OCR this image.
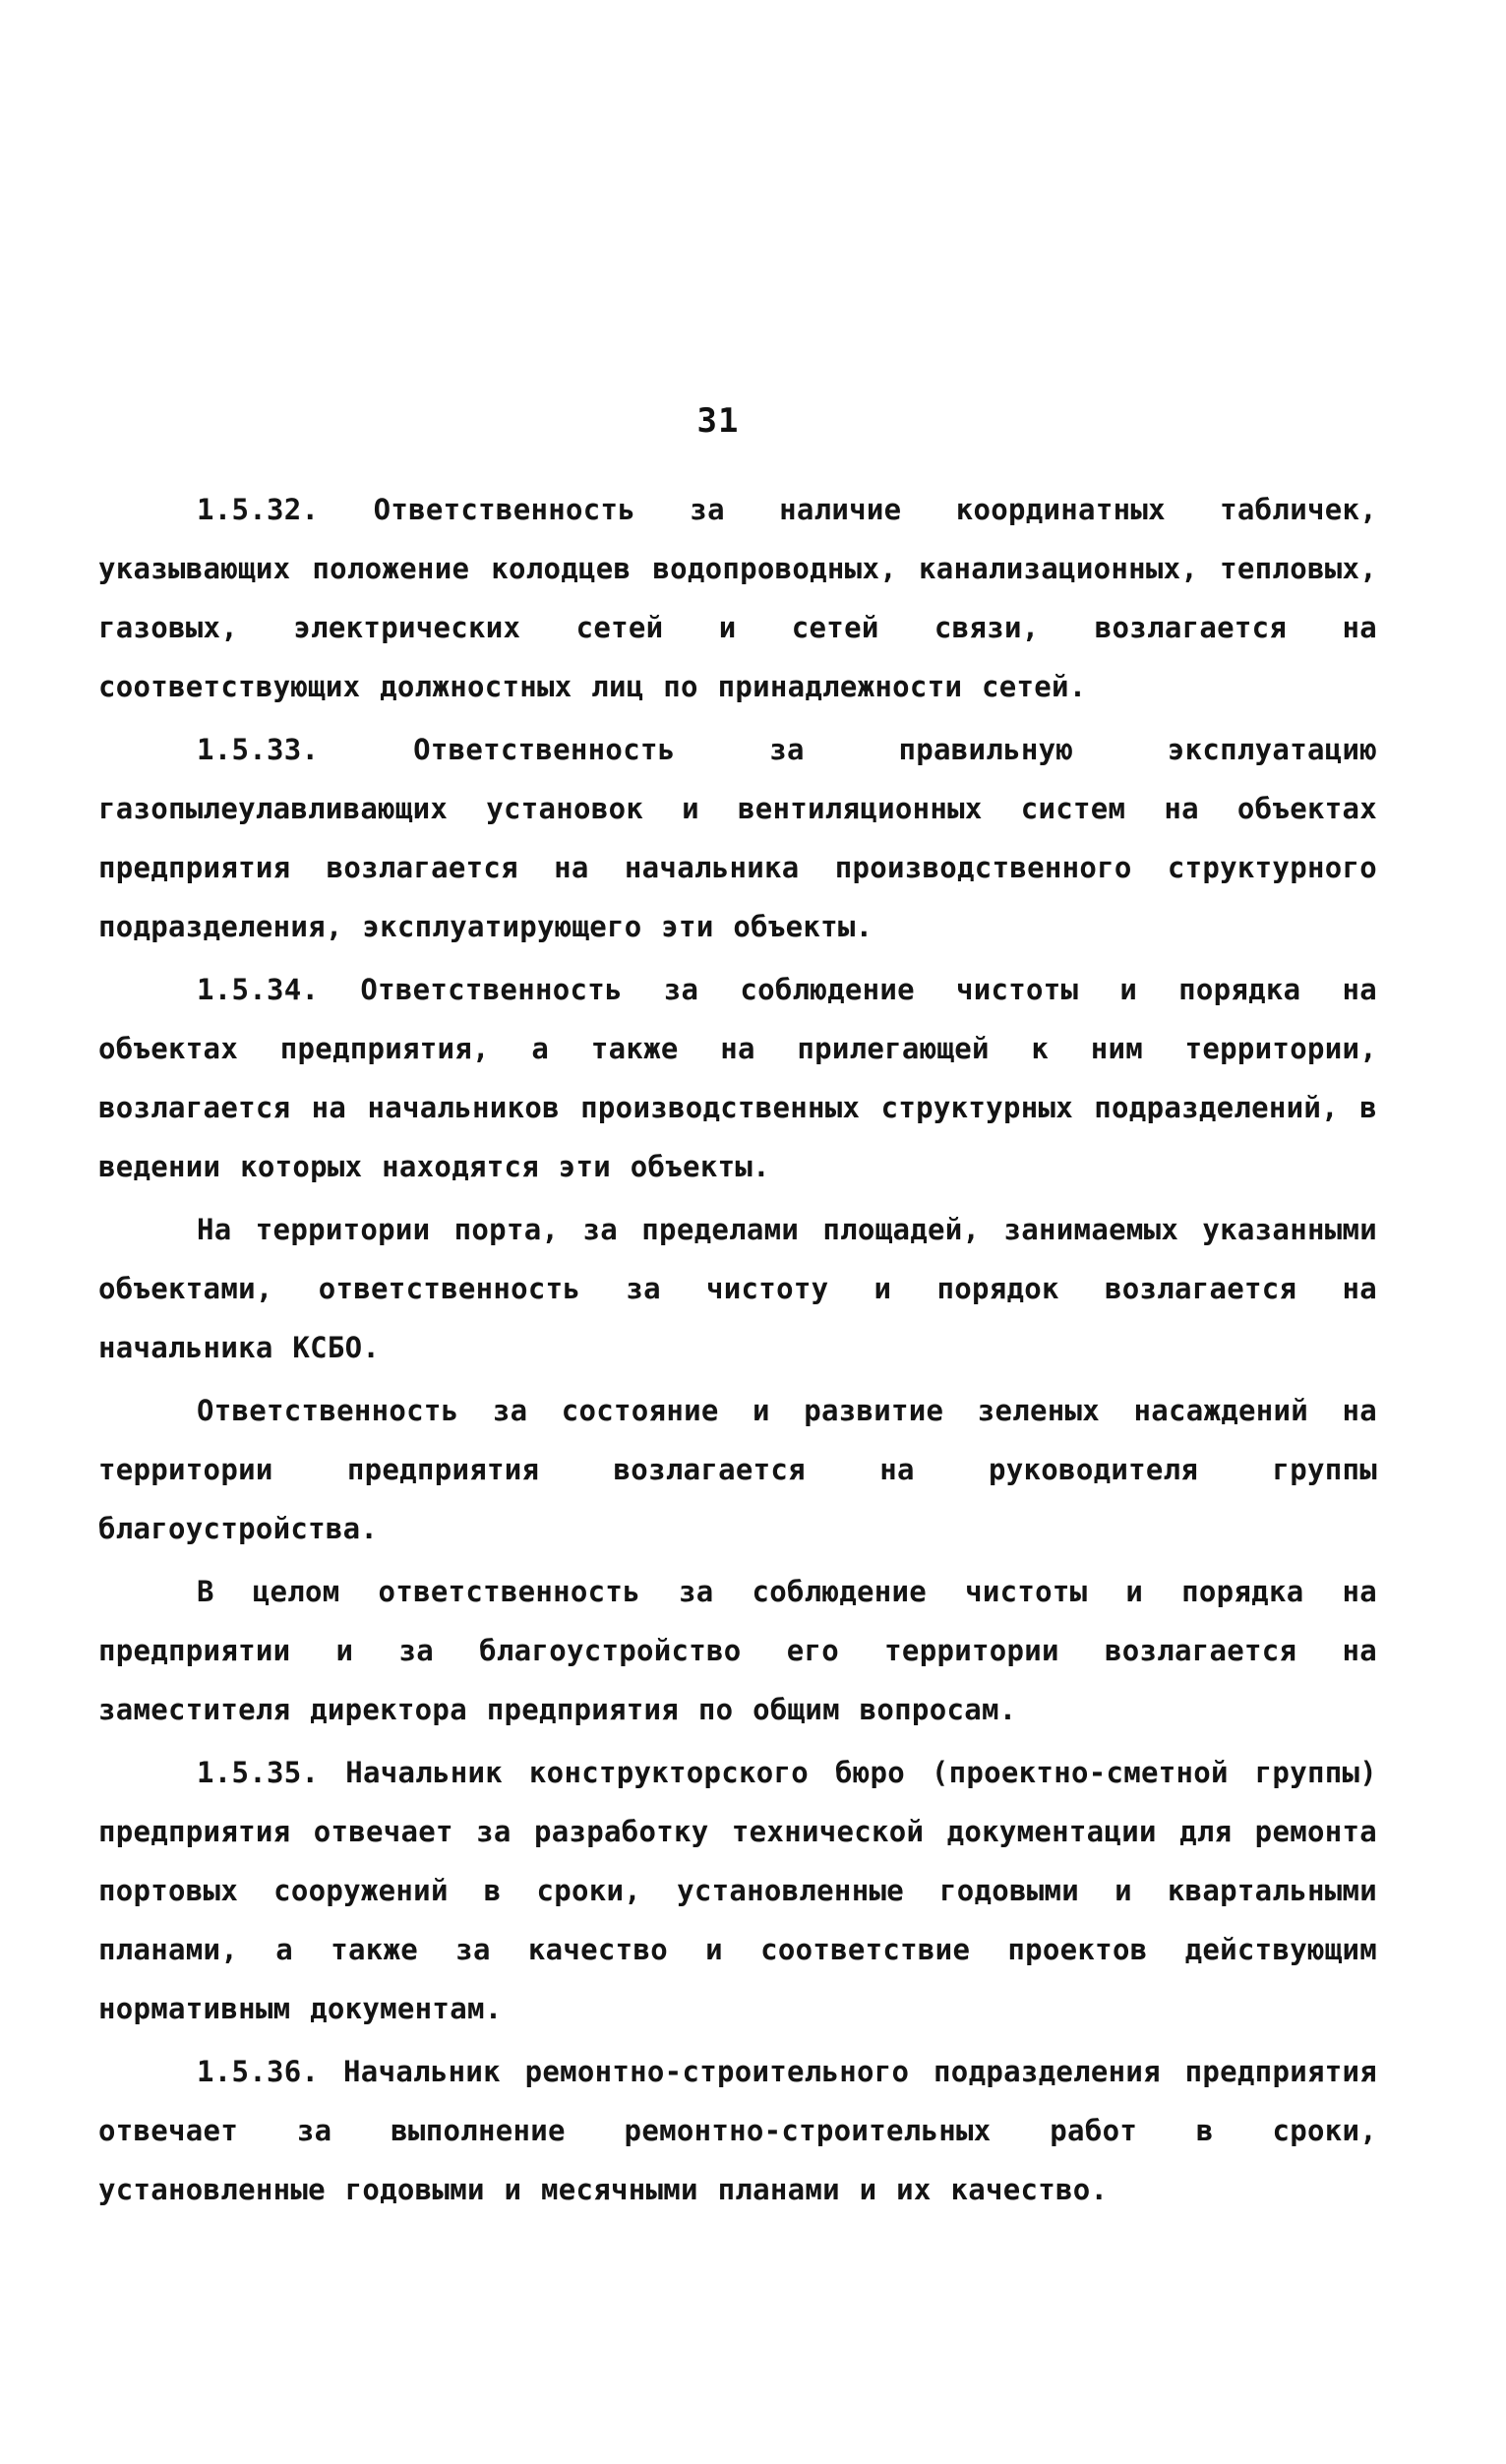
31

1.5.32. Ответственность за наличие координатных табличек, указывающих положение колодцев водопроводных, канализационных, тепловых, газовых, электрических сетей и сетей связи, возлагается на соответствующих должностных лиц по принадлежности сетей.

1.5.33. Ответственность за правильную эксплуатацию газопылеулавливающих установок и вентиляционных систем на объектах предприятия возлагается на начальника производственного структурного подразделения, эксплуатирующего эти объекты.

1.5.34. Ответственность за соблюдение чистоты и порядка на объектах предприятия, а также на прилегающей к ним территории, возлагается на начальников производственных структурных подразделений, в ведении которых находятся эти объекты.

На территории порта, за пределами площадей, занимаемых указанными объектами, ответственность за чистоту и порядок возлагается на начальника КСБО.

Ответственность за состояние и развитие зеленых насаждений на территории предприятия возлагается на руководителя группы благоустройства.

В целом ответственность за соблюдение чистоты и порядка на предприятии и за благоустройство его территории возлагается на заместителя директора предприятия по общим вопросам.

1.5.35. Начальник конструкторского бюро (проектно-сметной группы) предприятия отвечает за разработку технической документации для ремонта портовых сооружений в сроки, установленные годовыми и квартальными планами, а также за качество и соответствие проектов действующим нормативным документам.

1.5.36. Начальник ремонтно-строительного подразделения предприятия отвечает за выполнение ремонтно-строительных работ в сроки, установленные годовыми и месячными планами и их качество.
